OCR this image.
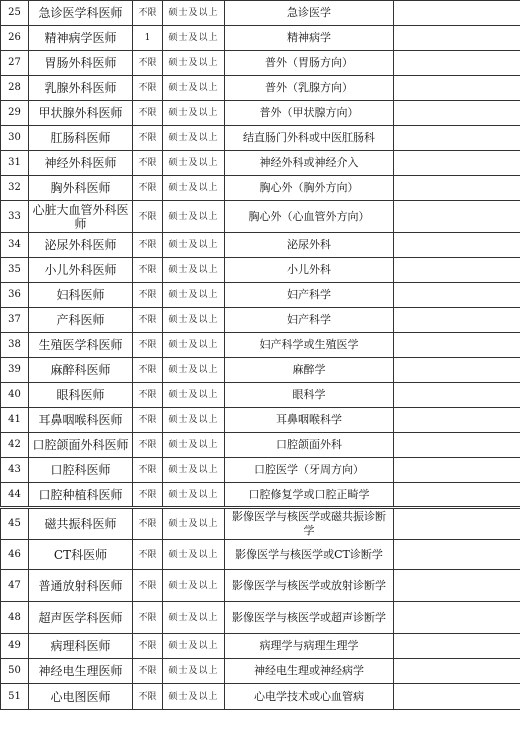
25	急诊医学科医师	不限	硕士及以上	急诊医学	
26	精神病学医师	1	硕士及以上	精神病学	
27	胃肠外科医师	不限	硕士及以上	普外（胃肠方向）	
28	乳腺外科医师	不限	硕士及以上	普外（乳腺方向）	
29	甲状腺外科医师	不限	硕士及以上	普外（甲状腺方向）	
30	肛肠科医师	不限	硕士及以上	结直肠门外科或中医肛肠科	
31	神经外科医师	不限	硕士及以上	神经外科或神经介入	
32	胸外科医师	不限	硕士及以上	胸心外（胸外方向）	
33	心脏大血管外科医师	不限	硕士及以上	胸心外（心血管外方向）	
34	泌尿外科医师	不限	硕士及以上	泌尿外科	
35	小儿外科医师	不限	硕士及以上	小儿外科	
36	妇科医师	不限	硕士及以上	妇产科学	
37	产科医师	不限	硕士及以上	妇产科学	
38	生殖医学科医师	不限	硕士及以上	妇产科学或生殖医学	
39	麻醉科医师	不限	硕士及以上	麻醉学	
40	眼科医师	不限	硕士及以上	眼科学	
41	耳鼻咽喉科医师	不限	硕士及以上	耳鼻咽喉科学	
42	口腔颌面外科医师	不限	硕士及以上	口腔颌面外科	
43	口腔科医师	不限	硕士及以上	口腔医学（牙周方向）	
44	口腔种植科医师	不限	硕士及以上	口腔修复学或口腔正畸学	
45	磁共振科医师	不限	硕士及以上	影像医学与核医学或磁共振诊断学	
46	CT科医师	不限	硕士及以上	影像医学与核医学或CT诊断学	
47	普通放射科医师	不限	硕士及以上	影像医学与核医学或放射诊断学	
48	超声医学科医师	不限	硕士及以上	影像医学与核医学或超声诊断学	
49	病理科医师	不限	硕士及以上	病理学与病理生理学	
50	神经电生理医师	不限	硕士及以上	神经电生理或神经病学	
51	心电图医师	不限	硕士及以上	心电学技术或心血管病	
